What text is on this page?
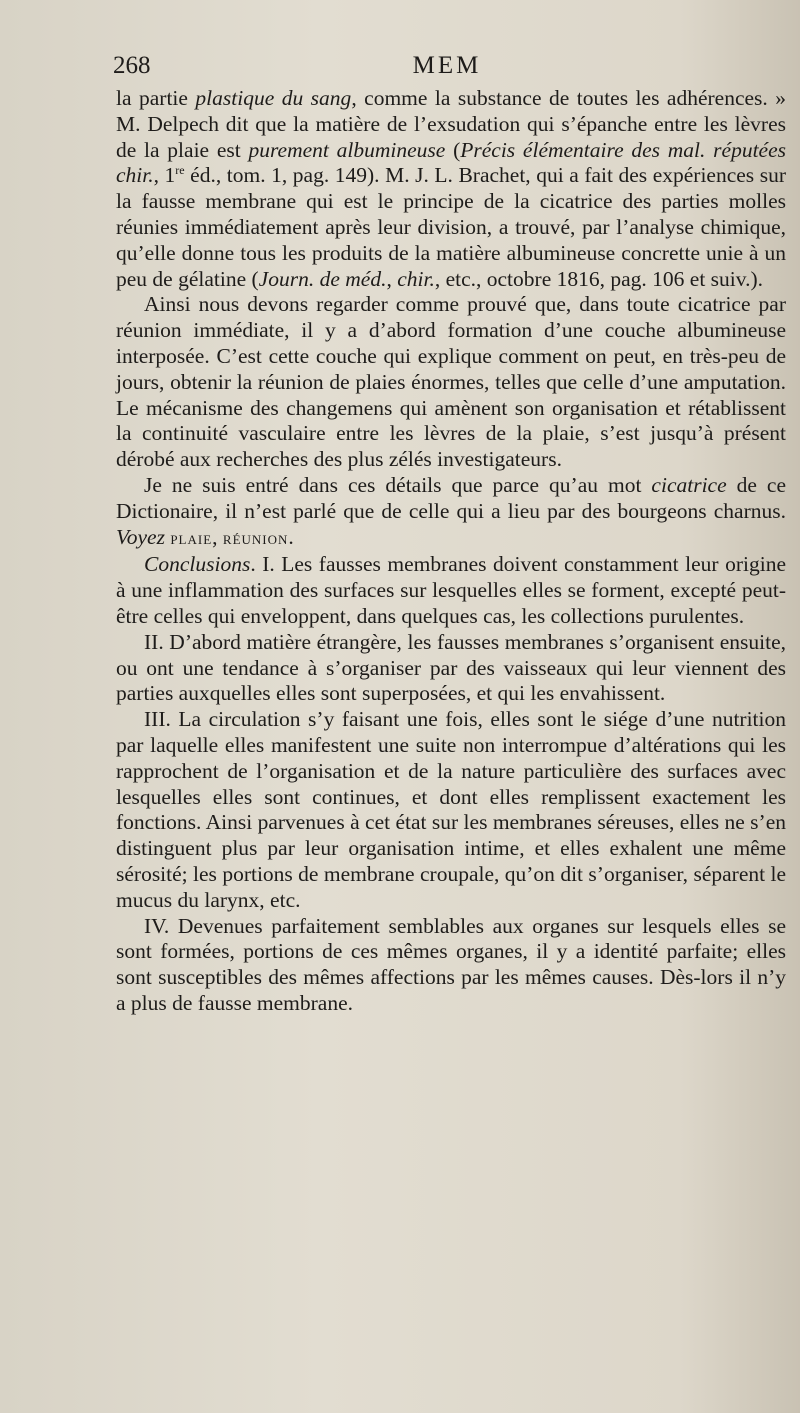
268	MEM

la partie plastique du sang, comme la substance de toutes les adhérences. » M. Delpech dit que la matière de l’exsudation qui s’épanche entre les lèvres de la plaie est purement albumineuse (Précis élémentaire des mal. réputées chir., 1re éd., tom. 1, pag. 149). M. J. L. Brachet, qui a fait des expériences sur la fausse membrane qui est le principe de la cicatrice des parties molles réunies immédiatement après leur division, a trouvé, par l’analyse chimique, qu’elle donne tous les produits de la matière albumineuse concrette unie à un peu de gélatine (Journ. de méd., chir., etc., octobre 1816, pag. 106 et suiv.).

Ainsi nous devons regarder comme prouvé que, dans toute cicatrice par réunion immédiate, il y a d’abord formation d’une couche albumineuse interposée. C’est cette couche qui explique comment on peut, en très-peu de jours, obtenir la réunion de plaies énormes, telles que celle d’une amputation. Le mécanisme des changemens qui amènent son organisation et rétablissent la continuité vasculaire entre les lèvres de la plaie, s’est jusqu’à présent dérobé aux recherches des plus zélés investigateurs.

Je ne suis entré dans ces détails que parce qu’au mot cicatrice de ce Dictionaire, il n’est parlé que de celle qui a lieu par des bourgeons charnus. Voyez PLAIE, RÉUNION.

Conclusions. I. Les fausses membranes doivent constamment leur origine à une inflammation des surfaces sur lesquelles elles se forment, excepté peut-être celles qui enveloppent, dans quelques cas, les collections purulentes.

II. D’abord matière étrangère, les fausses membranes s’organisent ensuite, ou ont une tendance à s’organiser par des vaisseaux qui leur viennent des parties auxquelles elles sont superposées, et qui les envahissent.

III. La circulation s’y faisant une fois, elles sont le siége d’une nutrition par laquelle elles manifestent une suite non interrompue d’altérations qui les rapprochent de l’organisation et de la nature particulière des surfaces avec lesquelles elles sont continues, et dont elles remplissent exactement les fonctions. Ainsi parvenues à cet état sur les membranes séreuses, elles ne s’en distinguent plus par leur organisation intime, et elles exhalent une même sérosité; les portions de membrane croupale, qu’on dit s’organiser, séparent le mucus du larynx, etc.

IV. Devenues parfaitement semblables aux organes sur lesquels elles se sont formées, portions de ces mêmes organes, il y a identité parfaite; elles sont susceptibles des mêmes affections par les mêmes causes. Dès-lors il n’y a plus de fausse membrane.
